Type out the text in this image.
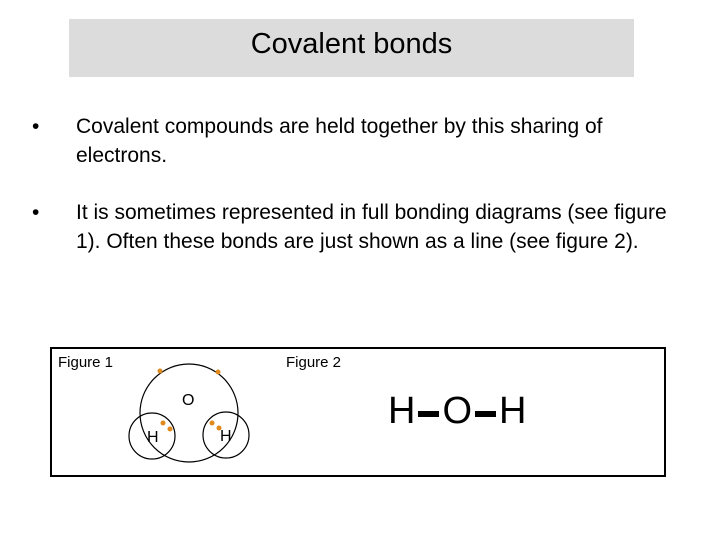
Covalent bonds
•	Covalent compounds are held together by this sharing of electrons.
•	It is sometimes represented in full bonding diagrams (see figure 1). Often these bonds are just shown as a line (see figure 2).
Figure 1	Figure 2
O
H	H
H O H
